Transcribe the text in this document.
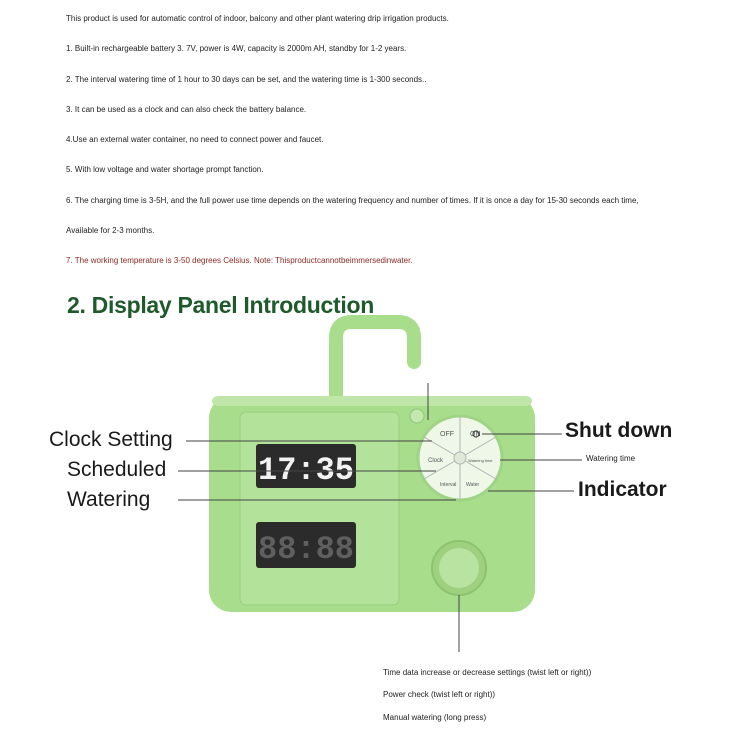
This product is used for automatic control of indoor, balcony and other plant watering drip irrigation products.
1. Built-in rechargeable battery 3. 7V, power is 4W, capacity is 2000m AH, standby for 1-2 years.
2. The interval watering time of 1 hour to 30 days can be set, and the watering time is 1-300 seconds..
3. It can be used as a clock and can also check the battery balance.
4.Use an external water container, no need to connect power and faucet.
5. With low voltage and water shortage prompt fanction.
6. The charging time is 3-5H, and the full power use time depends on the watering frequency and number of times. If it is once a day for 15-30 seconds each time,
Available for 2-3 months.
7. The working temperature is 3-50 degrees Celsius. Note: Thisproductcannotbeimmersedinwater.
2. Display Panel Introduction
17:35
88:88
ON
OFF
Watering time
Clock
Interval Water
Clock Setting
Scheduled
Watering
Shut down
Watering time
Indicator
Time data increase or decrease settings (twist left or right))
Power check (twist left or right))
Manual watering (long press)
